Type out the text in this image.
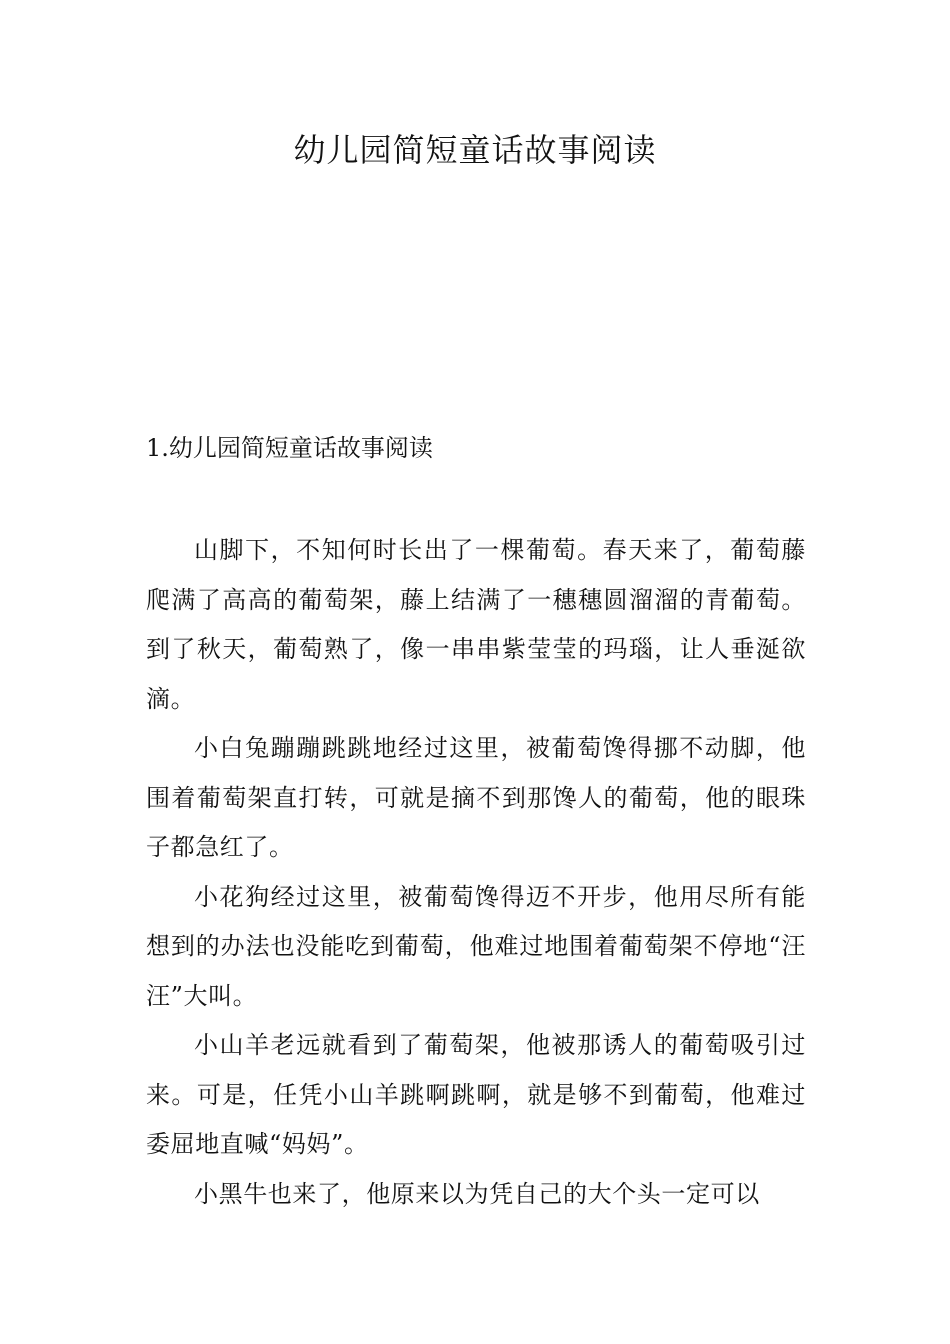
幼儿园简短童话故事阅读
1.幼儿园简短童话故事阅读

山脚下，不知何时长出了一棵葡萄。春天来了，葡萄藤爬满了高高的葡萄架，藤上结满了一穗穗圆溜溜的青葡萄。到了秋天，葡萄熟了，像一串串紫莹莹的玛瑙，让人垂涎欲滴。

小白兔蹦蹦跳跳地经过这里，被葡萄馋得挪不动脚，他围着葡萄架直打转，可就是摘不到那馋人的葡萄，他的眼珠子都急红了。

小花狗经过这里，被葡萄馋得迈不开步，他用尽所有能想到的办法也没能吃到葡萄，他难过地围着葡萄架不停地“汪汪”大叫。

小山羊老远就看到了葡萄架，他被那诱人的葡萄吸引过来。可是，任凭小山羊跳啊跳啊，就是够不到葡萄，他难过委屈地直喊“妈妈”。

小黑牛也来了，他原来以为凭自己的大个头一定可以
